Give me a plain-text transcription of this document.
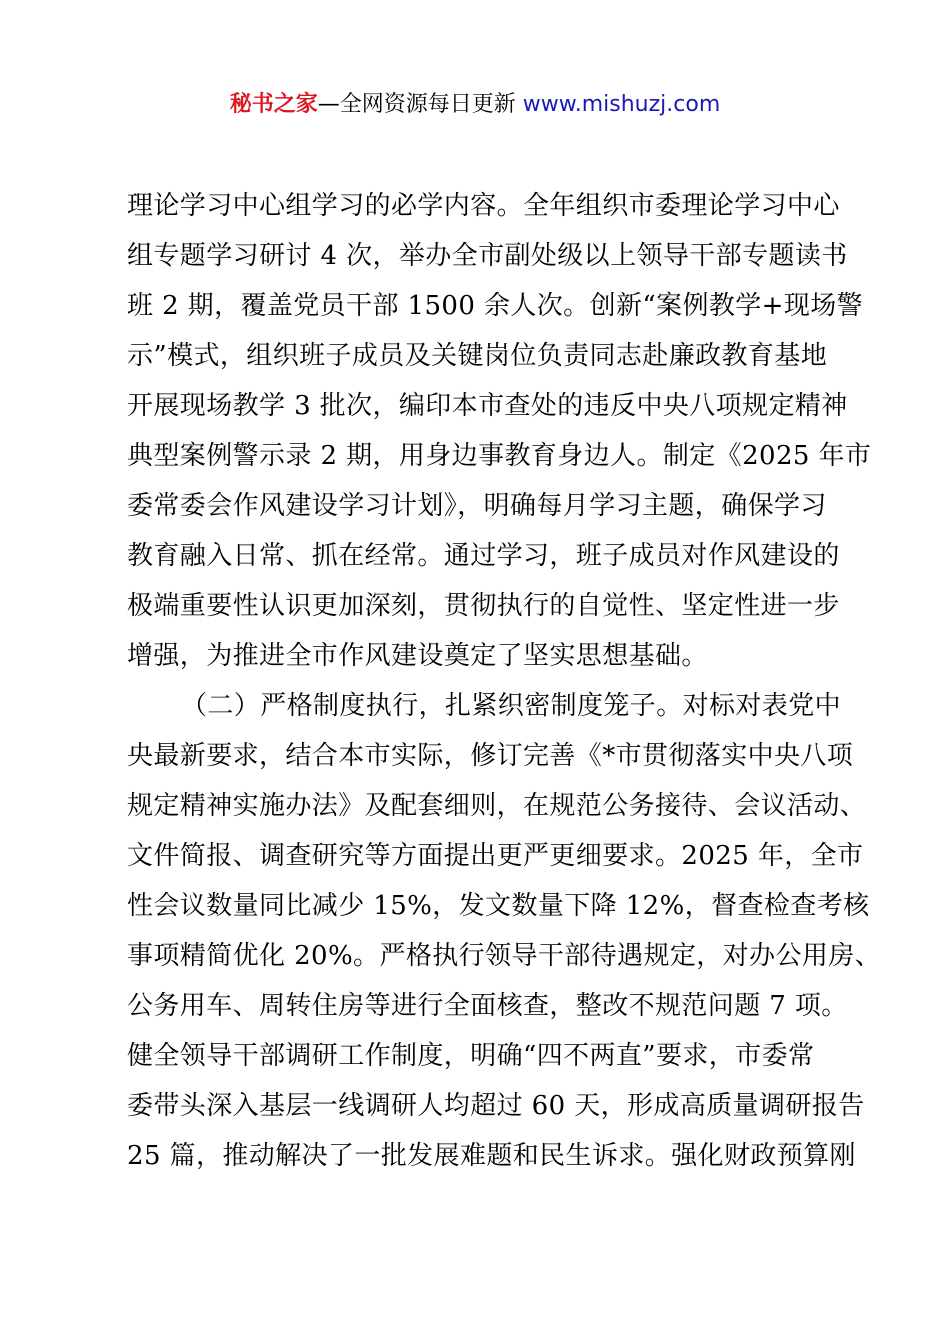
秘书之家—全网资源每日更新 www.mishuzj.com
理论学习中心组学习的必学内容。全年组织市委理论学习中心
组专题学习研讨 4 次，举办全市副处级以上领导干部专题读书
班 2 期，覆盖党员干部 1500 余人次。创新“案例教学+现场警
示”模式，组织班子成员及关键岗位负责同志赴廉政教育基地
开展现场教学 3 批次，编印本市查处的违反中央八项规定精神
典型案例警示录 2 期，用身边事教育身边人。制定《2025 年市
委常委会作风建设学习计划》，明确每月学习主题，确保学习
教育融入日常、抓在经常。通过学习，班子成员对作风建设的
极端重要性认识更加深刻，贯彻执行的自觉性、坚定性进一步
增强，为推进全市作风建设奠定了坚实思想基础。
（二）严格制度执行，扎紧织密制度笼子。对标对表党中
央最新要求，结合本市实际，修订完善《*市贯彻落实中央八项
规定精神实施办法》及配套细则，在规范公务接待、会议活动、
文件简报、调查研究等方面提出更严更细要求。2025 年，全市
性会议数量同比减少 15%，发文数量下降 12%，督查检查考核
事项精简优化 20%。严格执行领导干部待遇规定，对办公用房、
公务用车、周转住房等进行全面核查，整改不规范问题 7 项。
健全领导干部调研工作制度，明确“四不两直”要求，市委常
委带头深入基层一线调研人均超过 60 天，形成高质量调研报告
25 篇，推动解决了一批发展难题和民生诉求。强化财政预算刚
